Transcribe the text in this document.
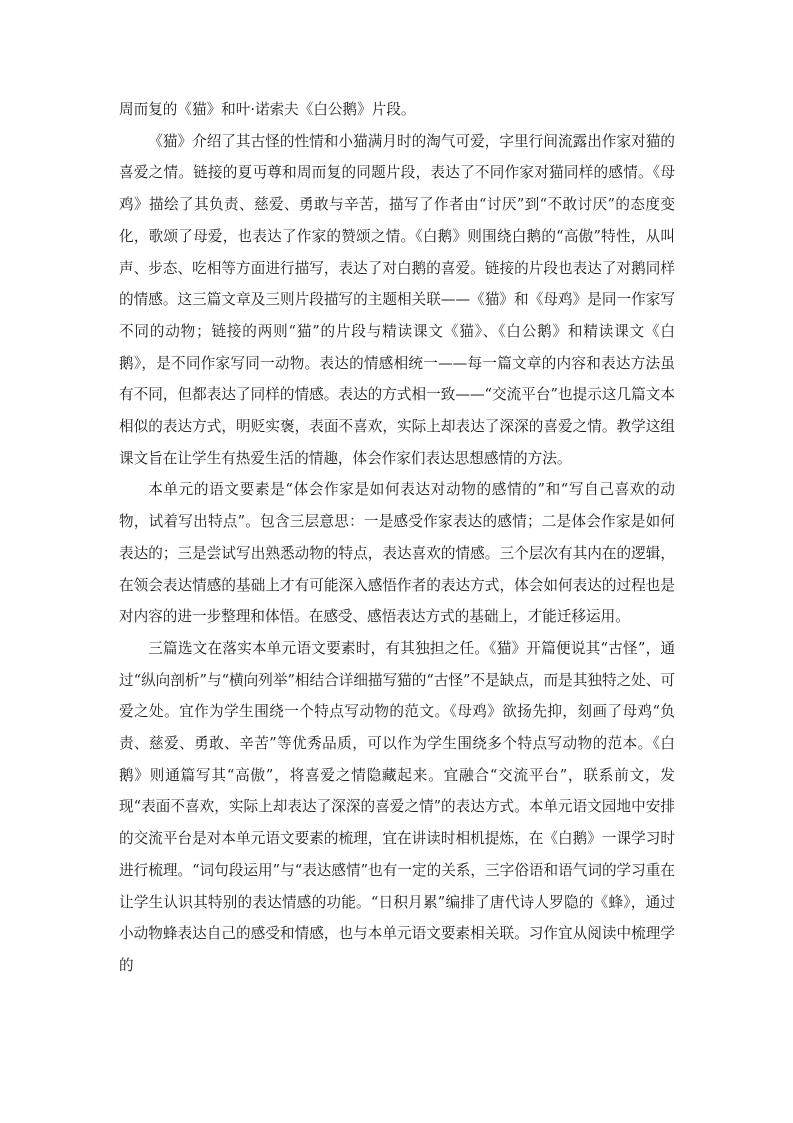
周而复的《猫》和叶·诺索夫《白公鹅》片段。

《猫》介绍了其古怪的性情和小猫满月时的淘气可爱，字里行间流露出作家对猫的喜爱之情。链接的夏丏尊和周而复的同题片段，表达了不同作家对猫同样的感情。《母鸡》描绘了其负责、慈爱、勇敢与辛苦，描写了作者由“讨厌”到“不敢讨厌”的态度变化，歌颂了母爱，也表达了作家的赞颂之情。《白鹅》则围绕白鹅的“高傲”特性，从叫声、步态、吃相等方面进行描写，表达了对白鹅的喜爱。链接的片段也表达了对鹅同样的情感。这三篇文章及三则片段描写的主题相关联——《猫》和《母鸡》是同一作家写不同的动物；链接的两则“猫”的片段与精读课文《猫》、《白公鹅》和精读课文《白鹅》，是不同作家写同一动物。表达的情感相统一——每一篇文章的内容和表达方法虽有不同，但都表达了同样的情感。表达的方式相一致——“交流平台”也提示这几篇文本相似的表达方式，明贬实褒，表面不喜欢，实际上却表达了深深的喜爱之情。教学这组课文旨在让学生有热爱生活的情趣，体会作家们表达思想感情的方法。

本单元的语文要素是“体会作家是如何表达对动物的感情的”和“写自己喜欢的动物，试着写出特点”。包含三层意思：一是感受作家表达的感情；二是体会作家是如何表达的；三是尝试写出熟悉动物的特点，表达喜欢的情感。三个层次有其内在的逻辑，在领会表达情感的基础上才有可能深入感悟作者的表达方式，体会如何表达的过程也是对内容的进一步整理和体悟。在感受、感悟表达方式的基础上，才能迁移运用。

三篇选文在落实本单元语文要素时，有其独担之任。《猫》开篇便说其“古怪”，通过“纵向剖析”与“横向列举”相结合详细描写猫的“古怪”不是缺点，而是其独特之处、可爱之处。宜作为学生围绕一个特点写动物的范文。《母鸡》欲扬先抑，刻画了母鸡“负责、慈爱、勇敢、辛苦”等优秀品质，可以作为学生围绕多个特点写动物的范本。《白鹅》则通篇写其“高傲”，将喜爱之情隐藏起来。宜融合“交流平台”，联系前文，发现“表面不喜欢，实际上却表达了深深的喜爱之情”的表达方式。本单元语文园地中安排的交流平台是对本单元语文要素的梳理，宜在讲读时相机提炼，在《白鹅》一课学习时进行梳理。“词句段运用”与“表达感情”也有一定的关系，三字俗语和语气词的学习重在让学生认识其特别的表达情感的功能。“日积月累”编排了唐代诗人罗隐的《蜂》，通过小动物蜂表达自己的感受和情感，也与本单元语文要素相关联。习作宜从阅读中梳理学的
